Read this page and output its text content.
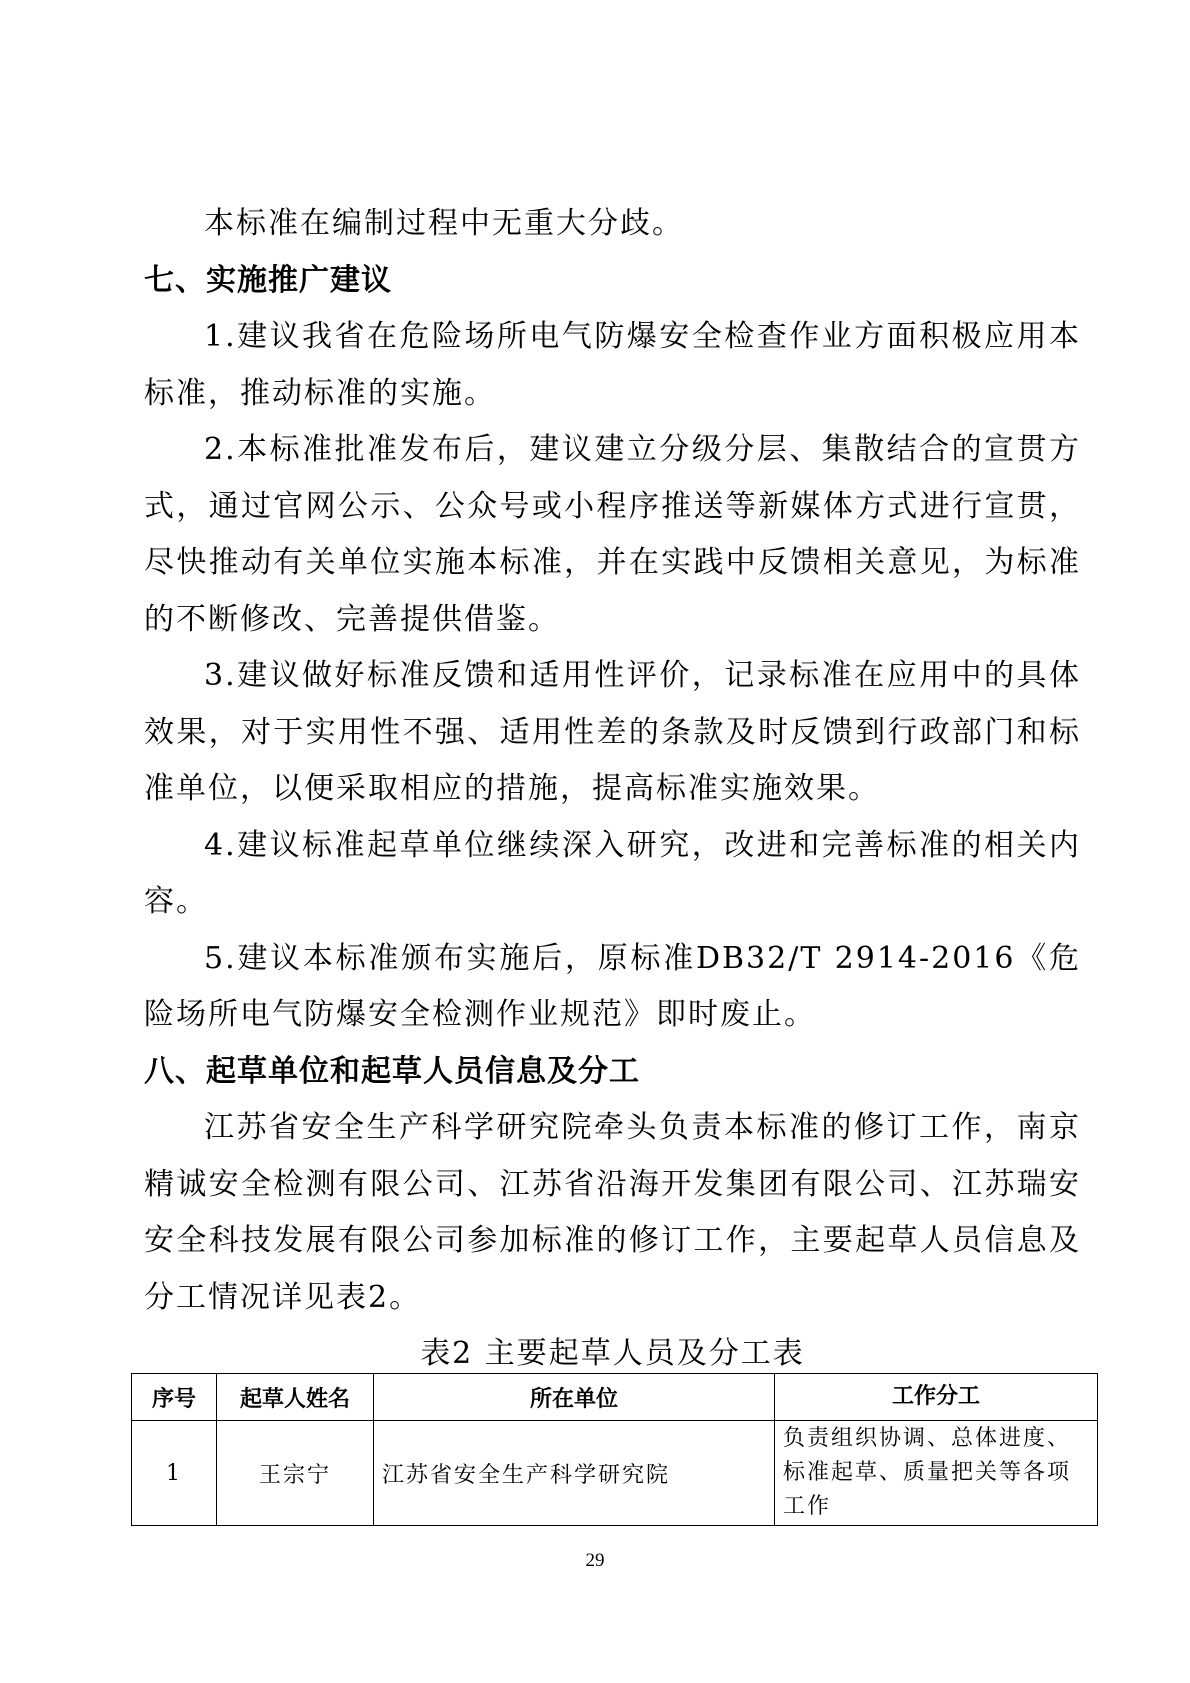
本标准在编制过程中无重大分歧。

七、实施推广建议

1.建议我省在危险场所电气防爆安全检查作业方面积极应用本标准，推动标准的实施。

2.本标准批准发布后，建议建立分级分层、集散结合的宣贯方式，通过官网公示、公众号或小程序推送等新媒体方式进行宣贯，尽快推动有关单位实施本标准，并在实践中反馈相关意见，为标准的不断修改、完善提供借鉴。

3.建议做好标准反馈和适用性评价，记录标准在应用中的具体效果，对于实用性不强、适用性差的条款及时反馈到行政部门和标准单位，以便采取相应的措施，提高标准实施效果。

4.建议标准起草单位继续深入研究，改进和完善标准的相关内容。

5.建议本标准颁布实施后，原标准DB32/T 2914-2016《危险场所电气防爆安全检测作业规范》即时废止。

八、起草单位和起草人员信息及分工

江苏省安全生产科学研究院牵头负责本标准的修订工作，南京精诚安全检测有限公司、江苏省沿海开发集团有限公司、江苏瑞安安全科技发展有限公司参加标准的修订工作，主要起草人员信息及分工情况详见表2。

表2 主要起草人员及分工表

序号	起草人姓名	所在单位	工作分工
1	王宗宁	江苏省安全生产科学研究院	负责组织协调、总体进度、标准起草、质量把关等各项工作
29
